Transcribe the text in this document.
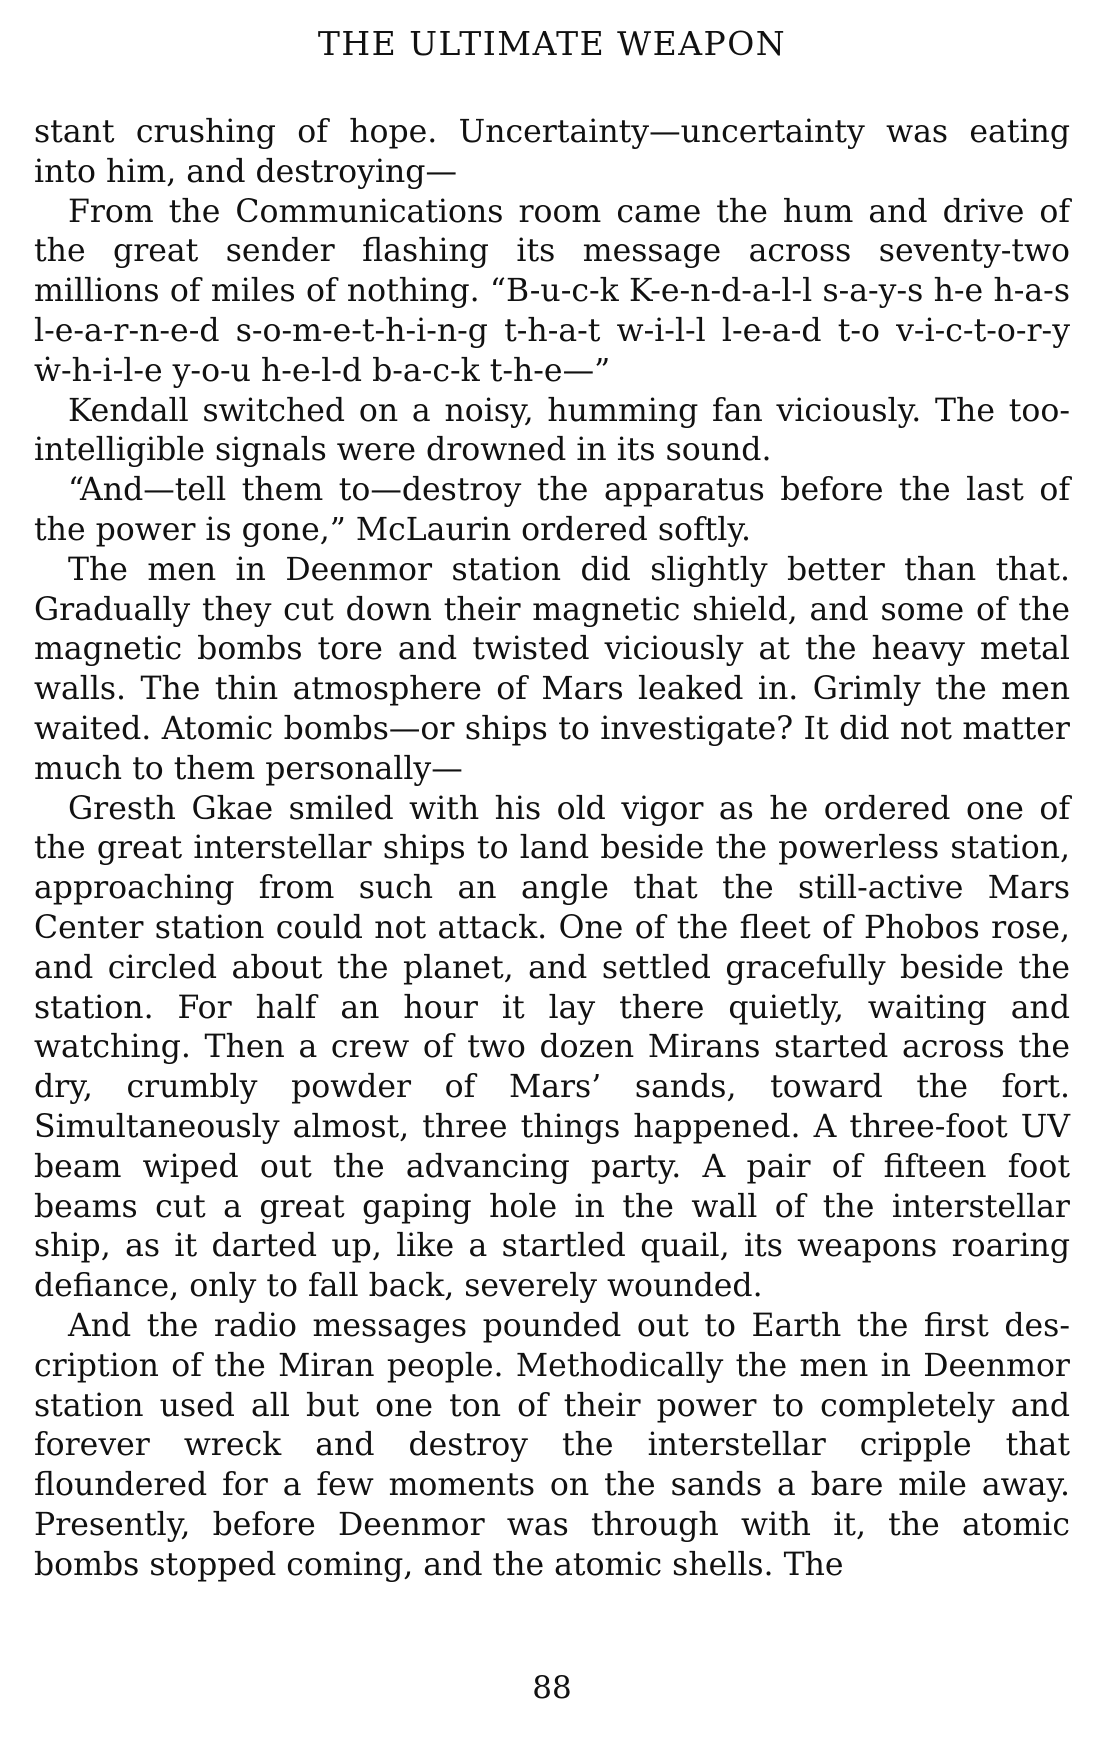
THE ULTIMATE WEAPON

stant crushing of hope. Uncertainty—uncertainty was eating into him, and destroying—

From the Communications room came the hum and drive of the great sender flashing its message across seventy-two millions of miles of nothing. “B-u-c-k K-e-n-d-a-l-l s-a-y-s h-e h-a-s l-e-a-r-n-e-d s-o-m-e-t-h-i-n-g t-h-a-t w-i-l-l l-e-a-d t-o v-i-c-t-o-r-y ẇ-h-i-l-e y-o-u h-e-l-d b-a-c-k t-h-e—”

Kendall switched on a noisy, humming fan viciously. The too-intelligible signals were drowned in its sound.

“And—tell them to—destroy the apparatus before the last of the power is gone,” McLaurin ordered softly.

The men in Deenmor station did slightly better than that. Gradually they cut down their magnetic shield, and some of the magnetic bombs tore and twisted viciously at the heavy metal walls. The thin atmosphere of Mars leaked in. Grimly the men waited. Atomic bombs—or ships to investigate? It did not matter much to them personally—

Gresth Gkae smiled with his old vigor as he ordered one of the great interstellar ships to land beside the powerless station, approaching from such an angle that the still-active Mars Center station could not attack. One of the fleet of Phobos rose, and circled about the planet, and settled gracefully beside the station. For half an hour it lay there quietly, waiting and watching. Then a crew of two dozen Mirans started across the dry, crumbly powder of Mars’ sands, toward the fort. Simultaneously almost, three things happened. A three-foot UV beam wiped out the advancing party. A pair of fifteen foot beams cut a great gaping hole in the wall of the interstellar ship, as it darted up, like a startled quail, its weapons roaring defiance, only to fall back, severely wounded.

And the radio messages pounded out to Earth the first description of the Miran people. Methodically the men in Deenmor station used all but one ton of their power to completely and forever wreck and destroy the interstellar cripple that floundered for a few moments on the sands a bare mile away. Presently, before Deenmor was through with it, the atomic bombs stopped coming, and the atomic shells. The

88
